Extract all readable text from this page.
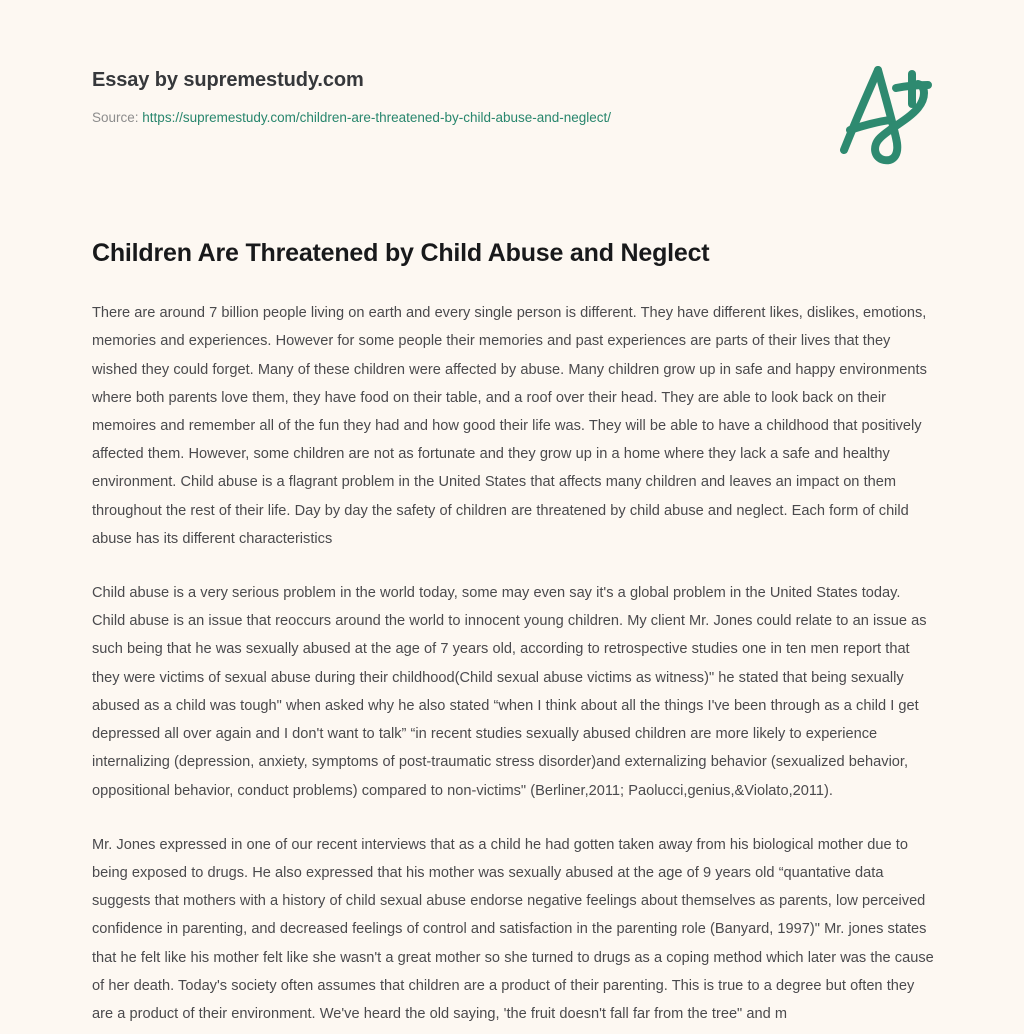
Essay by supremestudy.com
Source: https://supremestudy.com/children-are-threatened-by-child-abuse-and-neglect/
Children Are Threatened by Child Abuse and Neglect

There are around 7 billion people living on earth and every single person is different. They have different likes, dislikes, emotions, memories and experiences. However for some people their memories and past experiences are parts of their lives that they wished they could forget. Many of these children were affected by abuse. Many children grow up in safe and happy environments where both parents love them, they have food on their table, and a roof over their head. They are able to look back on their memoires and remember all of the fun they had and how good their life was. They will be able to have a childhood that positively affected them. However, some children are not as fortunate and they grow up in a home where they lack a safe and healthy environment. Child abuse is a flagrant problem in the United States that affects many children and leaves an impact on them throughout the rest of their life. Day by day the safety of children are threatened by child abuse and neglect. Each form of child abuse has its different characteristics

Child abuse is a very serious problem in the world today, some may even say it's a global problem in the United States today. Child abuse is an issue that reoccurs around the world to innocent young children. My client Mr. Jones could relate to an issue as such being that he was sexually abused at the age of 7 years old, according to retrospective studies one in ten men report that they were victims of sexual abuse during their childhood(Child sexual abuse victims as witness)" he stated that being sexually abused as a child was tough" when asked why he also stated “when I think about all the things I've been through as a child I get depressed all over again and I don't want to talk” “in recent studies sexually abused children are more likely to experience internalizing (depression, anxiety, symptoms of post-traumatic stress disorder)and externalizing behavior (sexualized behavior, oppositional behavior, conduct problems) compared to non-victims" (Berliner,2011; Paolucci,genius,&Violato,2011).

Mr. Jones expressed in one of our recent interviews that as a child he had gotten taken away from his biological mother due to being exposed to drugs. He also expressed that his mother was sexually abused at the age of 9 years old “quantative data suggests that mothers with a history of child sexual abuse endorse negative feelings about themselves as parents, low perceived confidence in parenting, and decreased feelings of control and satisfaction in the parenting role (Banyard, 1997)" Mr. jones states that he felt like his mother felt like she wasn't a great mother so she turned to drugs as a coping method which later was the cause of her death. Today's society often assumes that children are a product of their parenting. This is true to a degree but often they are a product of their environment. We've heard the old saying, 'the fruit doesn't fall far from the tree" and m
